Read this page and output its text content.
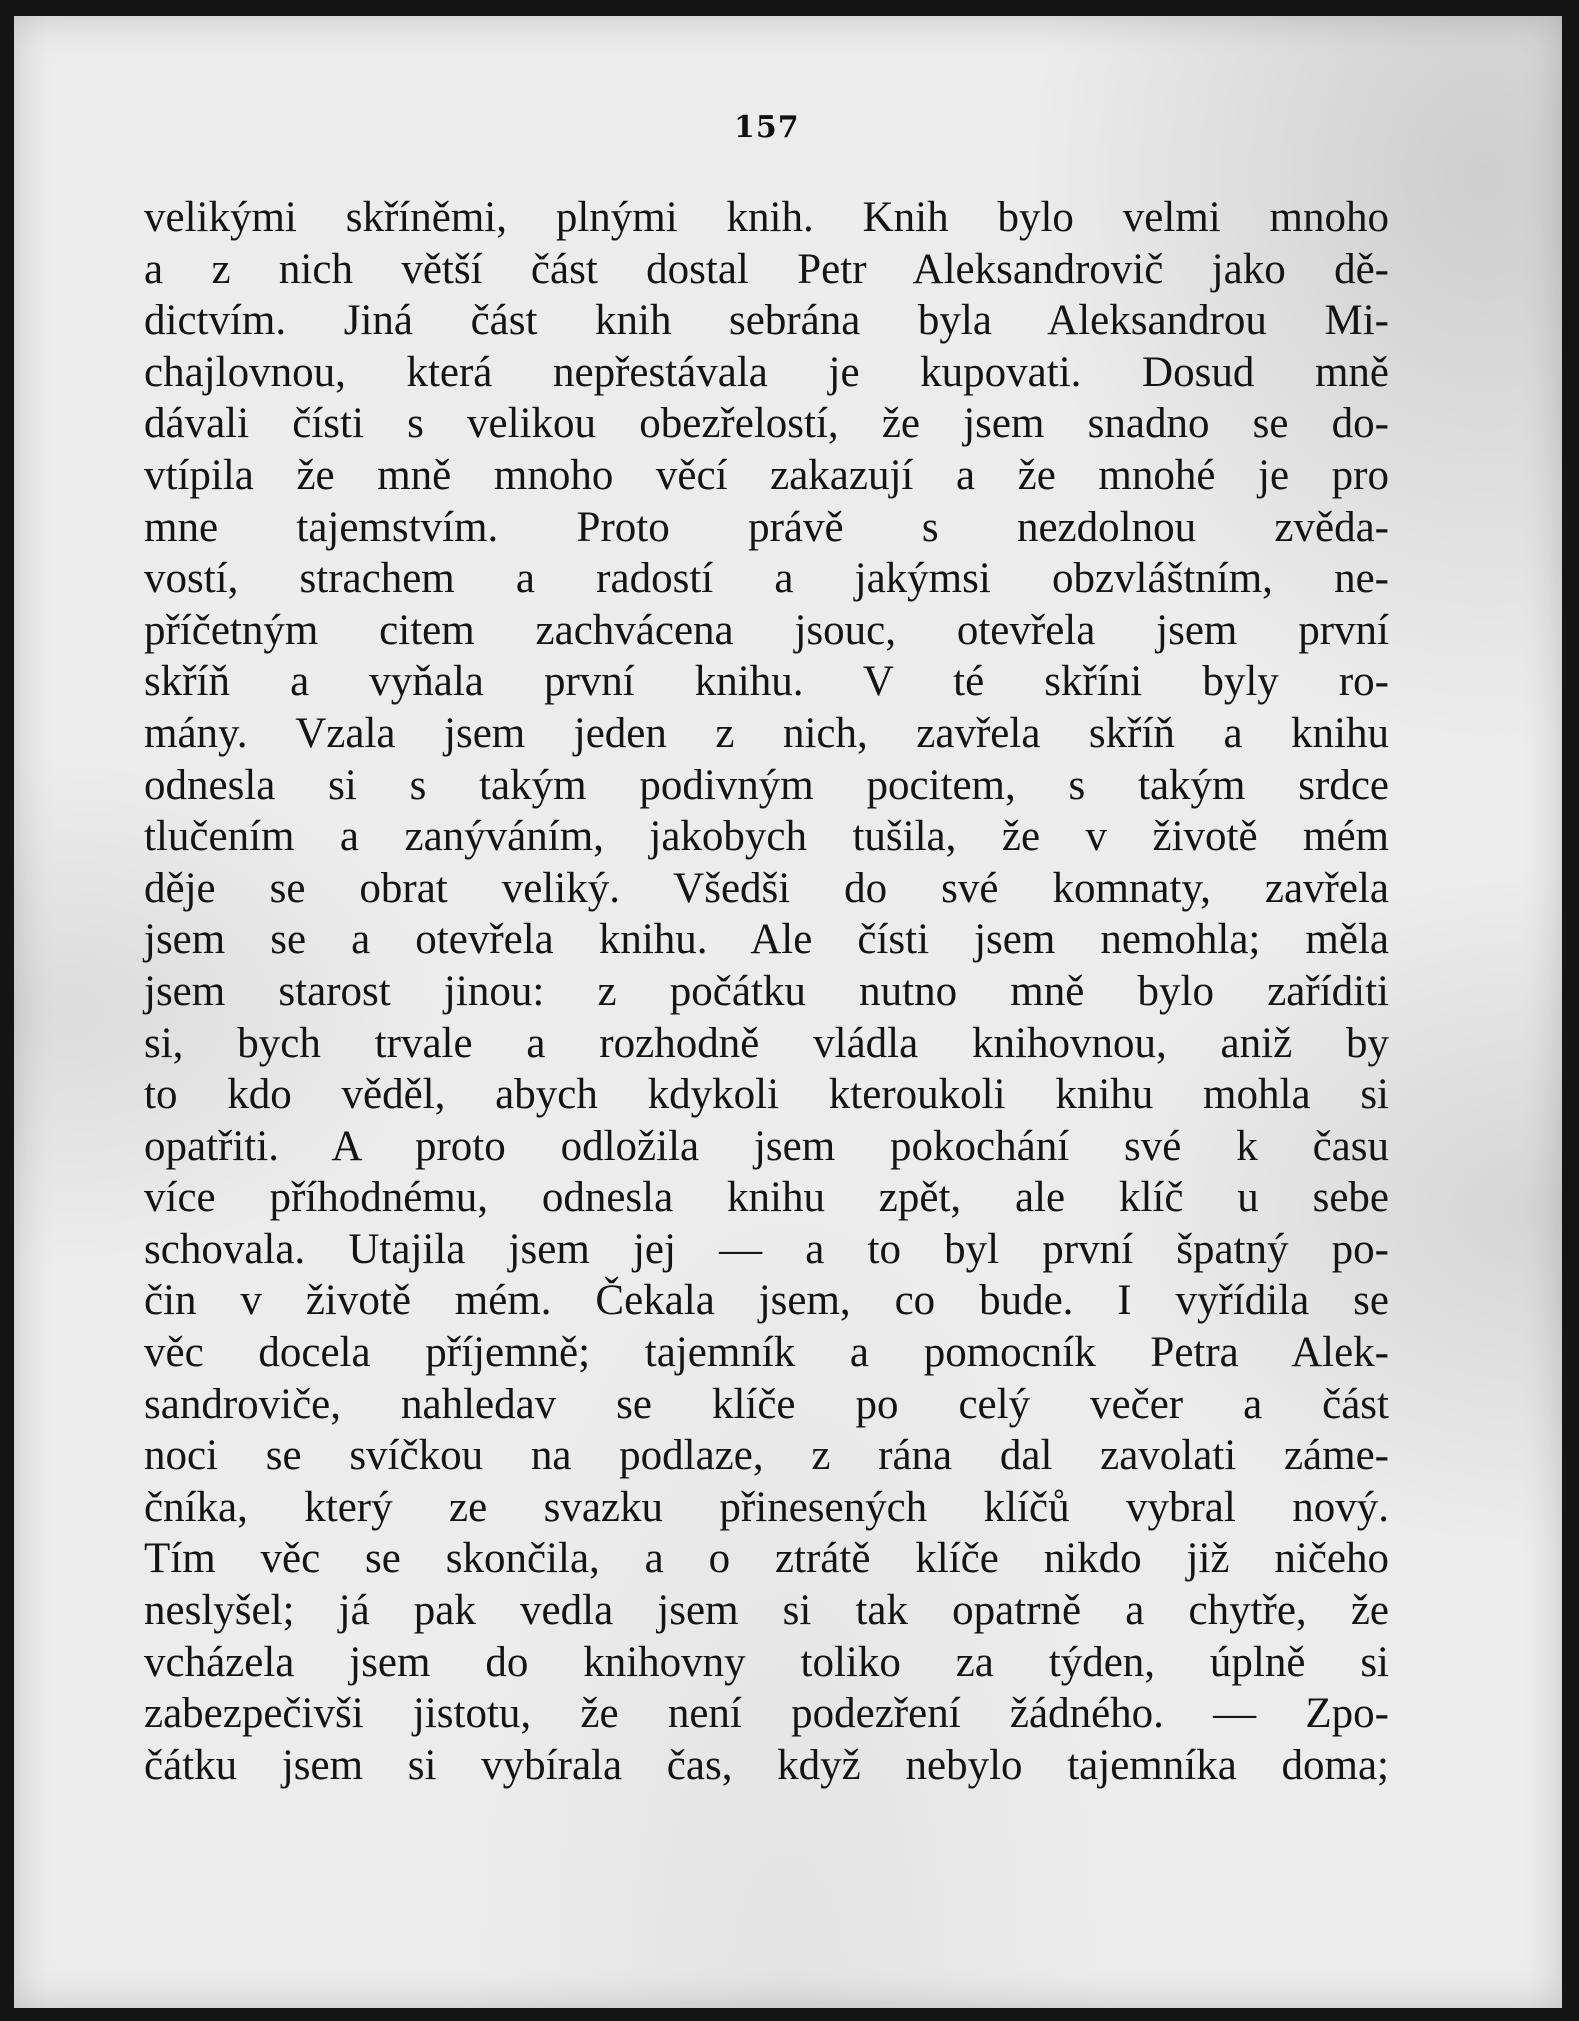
157
velikými skříněmi, plnými knih. Knih bylo velmi mnoho
a z nich větší část dostal Petr Aleksandrovič jako dě-
dictvím. Jiná část knih sebrána byla Aleksandrou Mi-
chajlovnou, která nepřestávala je kupovati. Dosud mně
dávali čísti s velikou obezřelostí, že jsem snadno se do-
vtípila že mně mnoho věcí zakazují a že mnohé je pro
mne tajemstvím. Proto právě s nezdolnou zvěda-
vostí, strachem a radostí a jakýmsi obzvláštním, ne-
příčetným citem zachvácena jsouc, otevřela jsem první
skříň a vyňala první knihu. V té skříni byly ro-
mány. Vzala jsem jeden z nich, zavřela skříň a knihu
odnesla si s takým podivným pocitem, s takým srdce
tlučením a zanýváním, jakobych tušila, že v životě mém
děje se obrat veliký. Všedši do své komnaty, zavřela
jsem se a otevřela knihu. Ale čísti jsem nemohla; měla
jsem starost jinou: z počátku nutno mně bylo zaříditi
si, bych trvale a rozhodně vládla knihovnou, aniž by
to kdo věděl, abych kdykoli kteroukoli knihu mohla si
opatřiti. A proto odložila jsem pokochání své k času
více příhodnému, odnesla knihu zpět, ale klíč u sebe
schovala. Utajila jsem jej — a to byl první špatný po-
čin v životě mém. Čekala jsem, co bude. I vyřídila se
věc docela příjemně; tajemník a pomocník Petra Alek-
sandroviče, nahledav se klíče po celý večer a část
noci se svíčkou na podlaze, z rána dal zavolati záme-
čníka, který ze svazku přinesených klíčů vybral nový.
Tím věc se skončila, a o ztrátě klíče nikdo již ničeho
neslyšel; já pak vedla jsem si tak opatrně a chytře, že
vcházela jsem do knihovny toliko za týden, úplně si
zabezpečivši jistotu, že není podezření žádného. — Zpo-
čátku jsem si vybírala čas, když nebylo tajemníka doma;
